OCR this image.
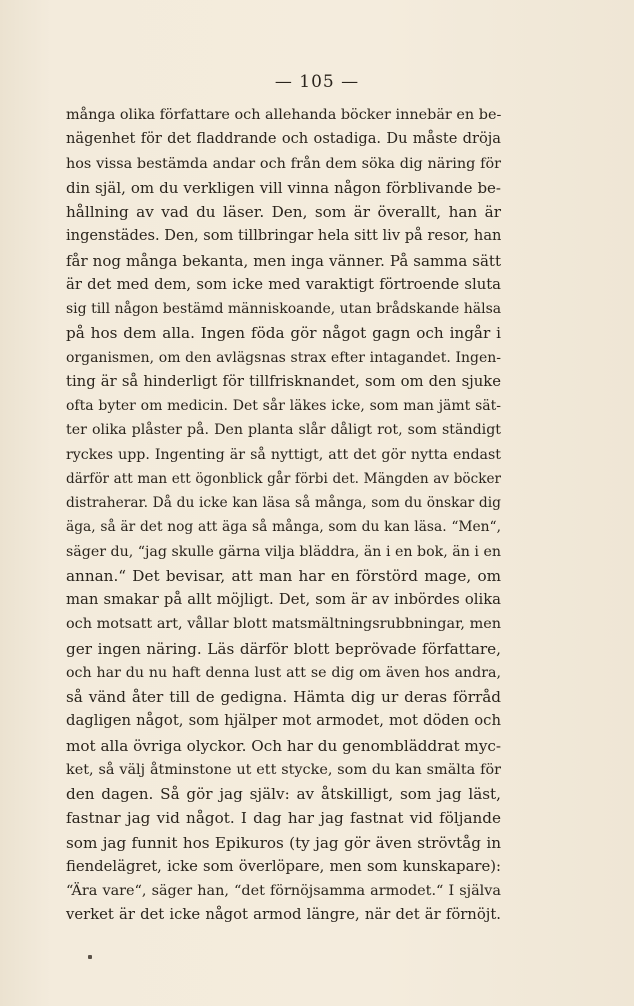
— 105 —
många olika författare och allehanda böcker innebär en be-
nägenhet för det fladdrande och ostadiga. Du måste dröja
hos vissa bestämda andar och från dem söka dig näring för
din själ, om du verkligen vill vinna någon förblivande be-
hållning av vad du läser. Den, som är överallt, han är
ingenstädes. Den, som tillbringar hela sitt liv på resor, han
får nog många bekanta, men inga vänner. På samma sätt
är det med dem, som icke med varaktigt förtroende sluta
sig till någon bestämd människoande, utan brådskande hälsa
på hos dem alla. Ingen föda gör något gagn och ingår i
organismen, om den avlägsnas strax efter intagandet. Ingen-
ting är så hinderligt för tillfrisknandet, som om den sjuke
ofta byter om medicin. Det sår läkes icke, som man jämt sät-
ter olika plåster på. Den planta slår dåligt rot, som ständigt
ryckes upp. Ingenting är så nyttigt, att det gör nytta endast
därför att man ett ögonblick går förbi det. Mängden av böcker
distraherar. Då du icke kan läsa så många, som du önskar dig
äga, så är det nog att äga så många, som du kan läsa. “Men“,
säger du, “jag skulle gärna vilja bläddra, än i en bok, än i en
annan.“ Det bevisar, att man har en förstörd mage, om
man smakar på allt möjligt. Det, som är av inbördes olika
och motsatt art, vållar blott matsmältningsrubbningar, men
ger ingen näring. Läs därför blott beprövade författare,
och har du nu haft denna lust att se dig om även hos andra,
så vänd åter till de gedigna. Hämta dig ur deras förråd
dagligen något, som hjälper mot armodet, mot döden och
mot alla övriga olyckor. Och har du genombläddrat myc-
ket, så välj åtminstone ut ett stycke, som du kan smälta för
den dagen. Så gör jag själv: av åtskilligt, som jag läst,
fastnar jag vid något. I dag har jag fastnat vid följande
som jag funnit hos Epikuros (ty jag gör även strövtåg in
fiendelägret, icke som överlöpare, men som kunskapare):
“Ära vare“, säger han, “det förnöjsamma armodet.“ I själva
verket är det icke något armod längre, när det är förnöjt.
